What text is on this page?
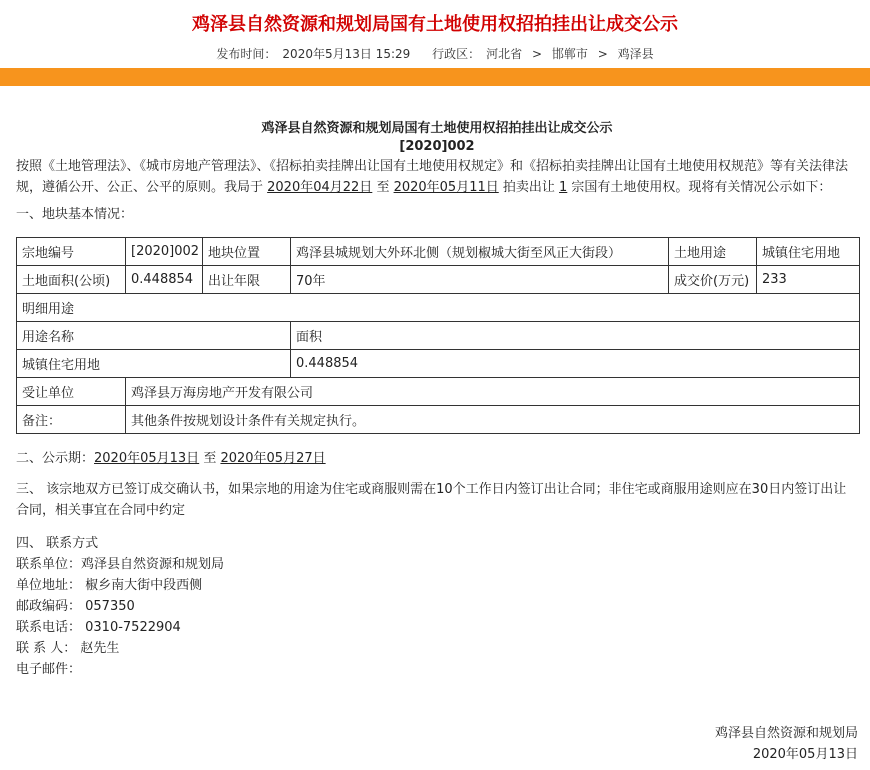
鸡泽县自然资源和规划局国有土地使用权招拍挂出让成交公示
发布时间： 2020年5月13日 15:29 行政区： 河北省 > 邯郸市 > 鸡泽县
鸡泽县自然资源和规划局国有土地使用权招拍挂出让成交公示
[2020]002

按照《土地管理法》、《城市房地产管理法》、《招标拍卖挂牌出让国有土地使用权规定》和《招标拍卖挂牌出让国有土地使用权规范》等有关法律法规，遵循公开、公正、公平的原则。我局于 2020年04月22日 至 2020年05月11日 拍卖出让 1 宗国有土地使用权。现将有关情况公示如下：

一、地块基本情况：

宗地编号	[2020]002	地块位置	鸡泽县城规划大外环北侧（规划椒城大街至风正大街段）	土地用途	城镇住宅用地
土地面积(公顷)	0.448854	出让年限	70年	成交价(万元)	233
明细用途					
用途名称			面积		
城镇住宅用地			0.448854		
受让单位	鸡泽县万海房地产开发有限公司				
备注：	其他条件按规划设计条件有关规定执行。				

二、公示期：2020年05月13日 至 2020年05月27日

三、 该宗地双方已签订成交确认书，如果宗地的用途为住宅或商服则需在10个工作日内签订出让合同；非住宅或商服用途则应在30日内签订出让合同，相关事宜在合同中约定

四、 联系方式

联系单位：鸡泽县自然资源和规划局

单位地址： 椒乡南大街中段西侧

邮政编码： 057350

联系电话： 0310-7522904

联 系 人： 赵先生

电子邮件：

鸡泽县自然资源和规划局
2020年05月13日
